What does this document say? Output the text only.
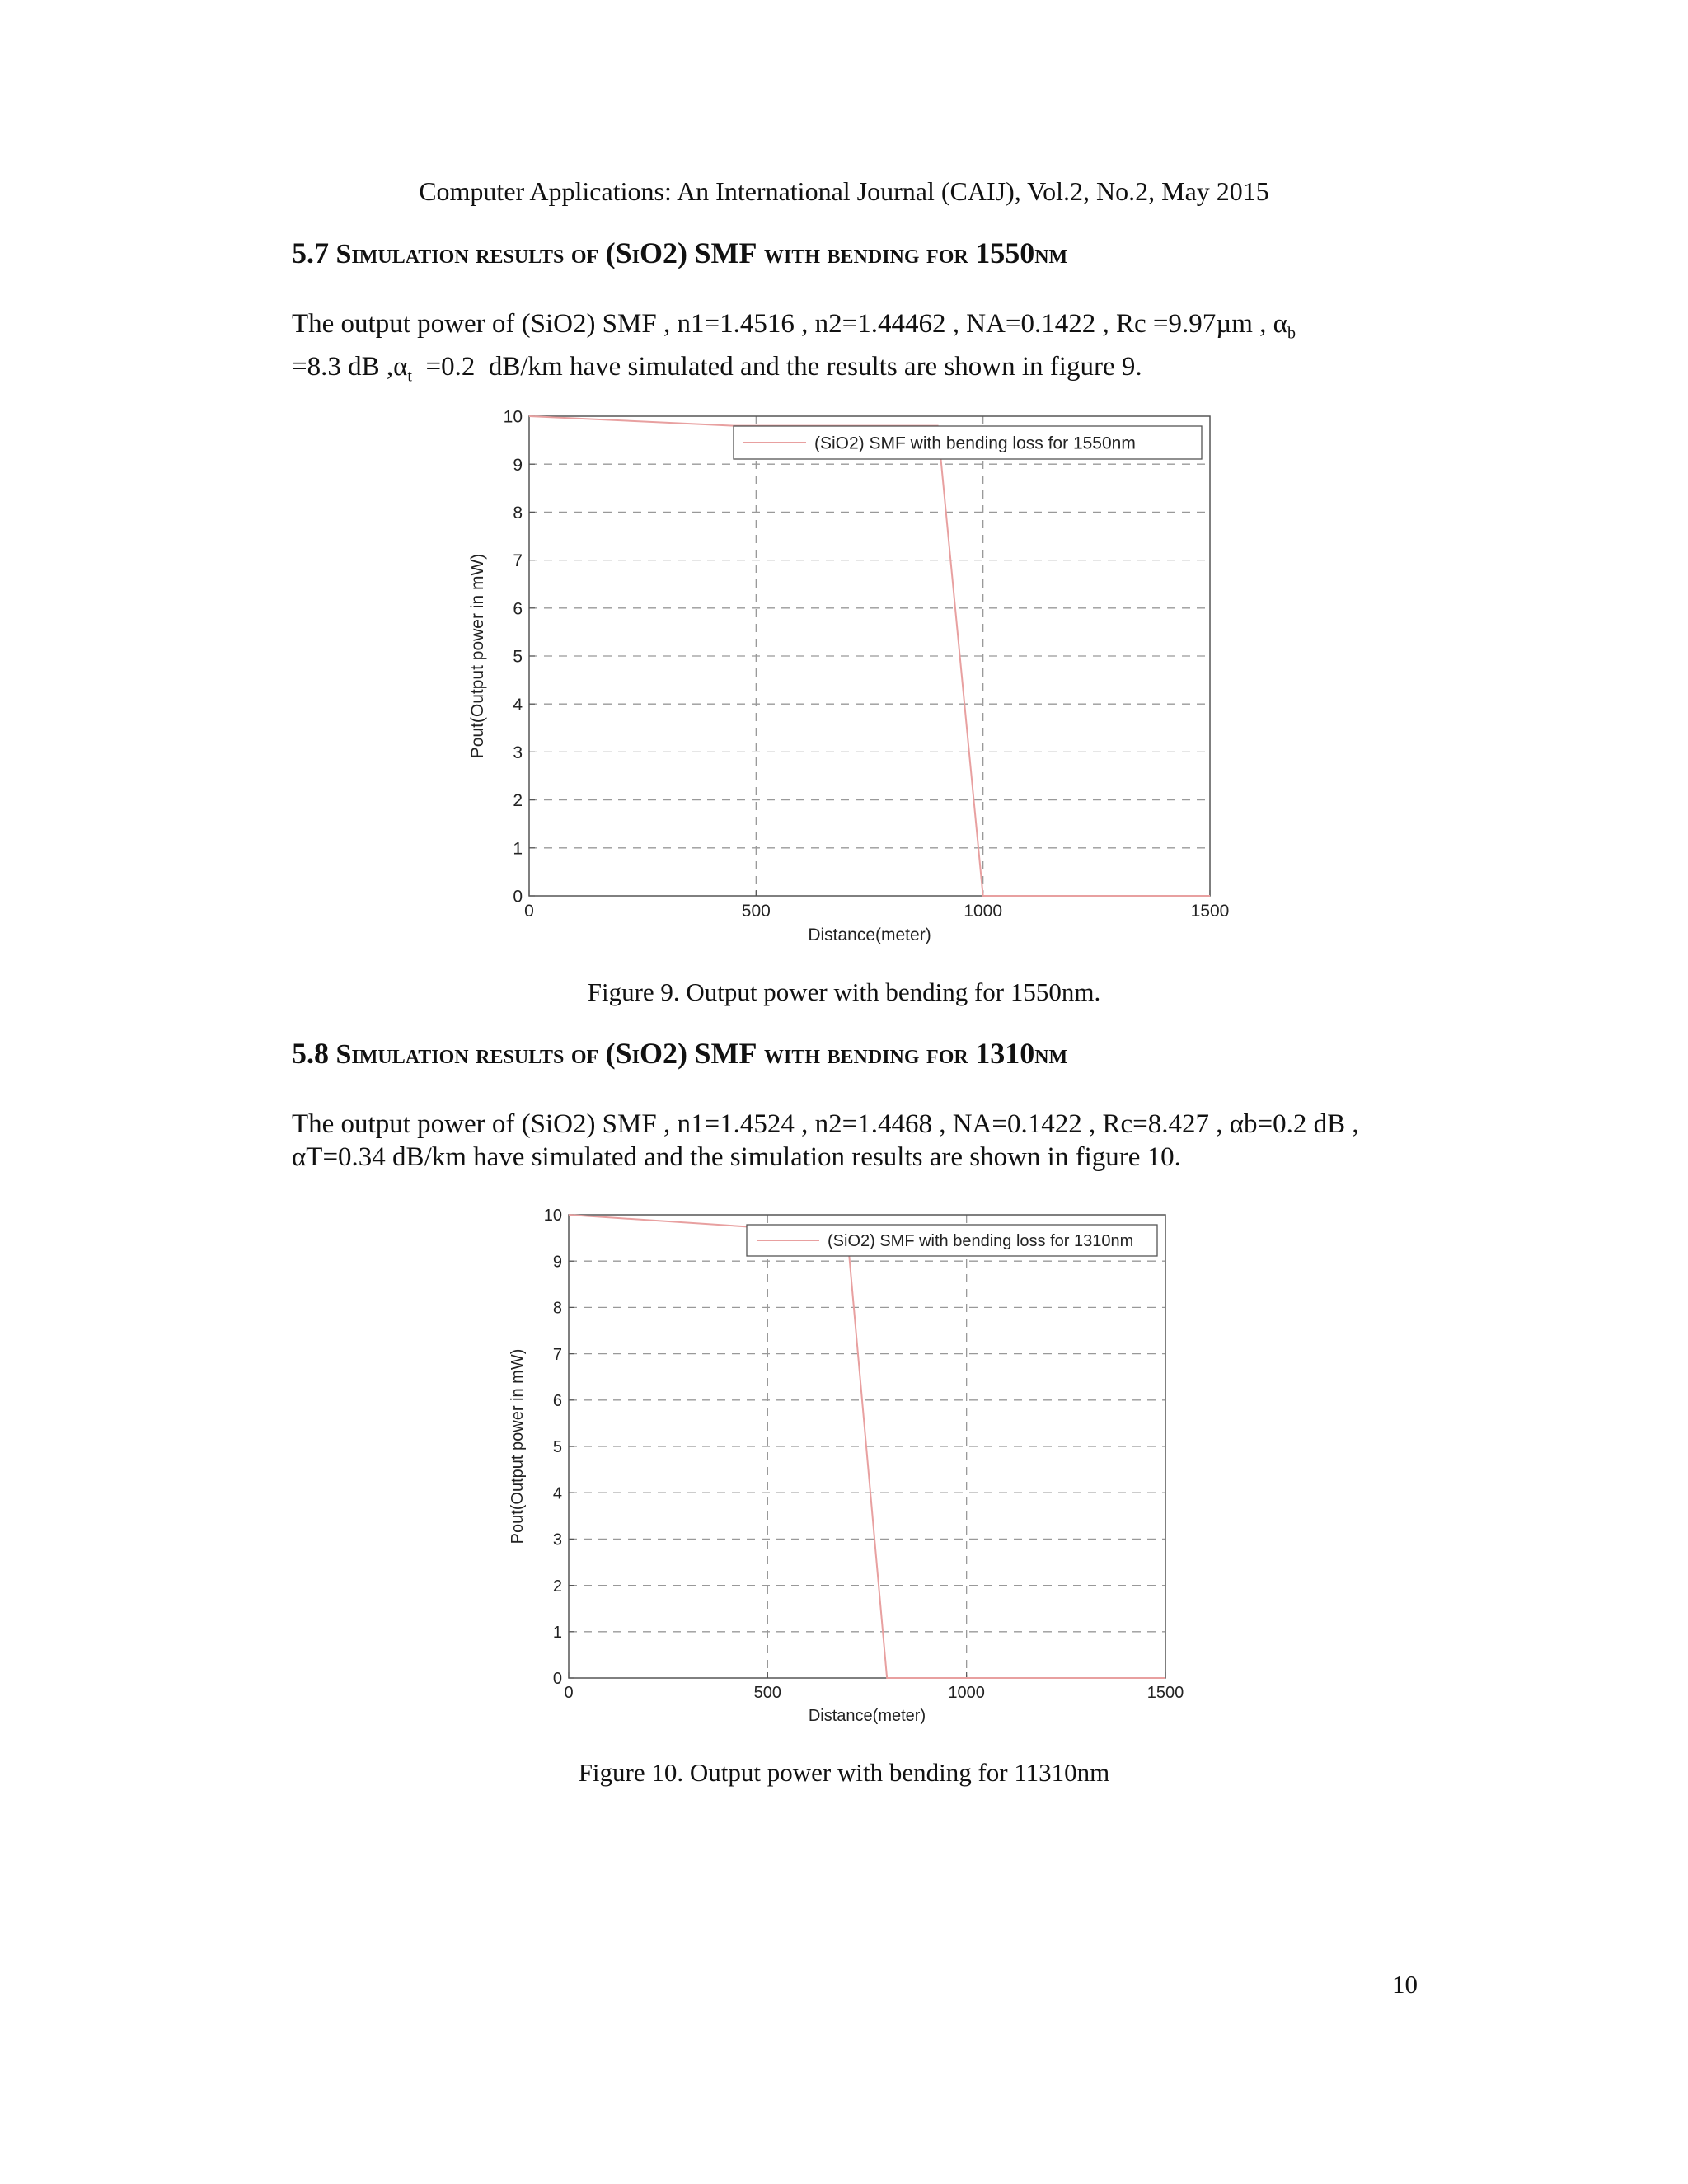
Computer Applications: An International Journal (CAIJ), Vol.2, No.2, May 2015
5.7 Simulation results of (SiO2) SMF with bending for 1550nm

The output power of (SiO2) SMF , n1=1.4516 , n2=1.44462 , NA=0.1422 , Rc =9.97µm , $\alpha_b$

=8.3 dB $,\alpha_t =0.2$  dB/km have simulated and the results are shown in figure 9.

0	500	1000	1500
0
1
2
3
4
5
6
7
8
9
10
Distance(meter)
Pout(Output power in mW)
(SiO2) SMF with bending loss for 1550nm
Figure 9. Output power with bending for 1550nm.
5.8 Simulation results of (SiO2) SMF with bending for 1310nm

The output power of (SiO2) SMF , n1=1.4524 , n2=1.4468 , NA=0.1422 , Rc=8.427 , αb=0.2 dB ,

αT=0.34 dB/km have simulated and the simulation results are shown in figure 10.

0	500	1000	1500
0
1
2
3
4
5
6
7
8
9
10
Distance(meter)
Pout(Output power in mW)
(SiO2) SMF with bending loss for 1310nm
Figure 10. Output power with bending for 11310nm
10
